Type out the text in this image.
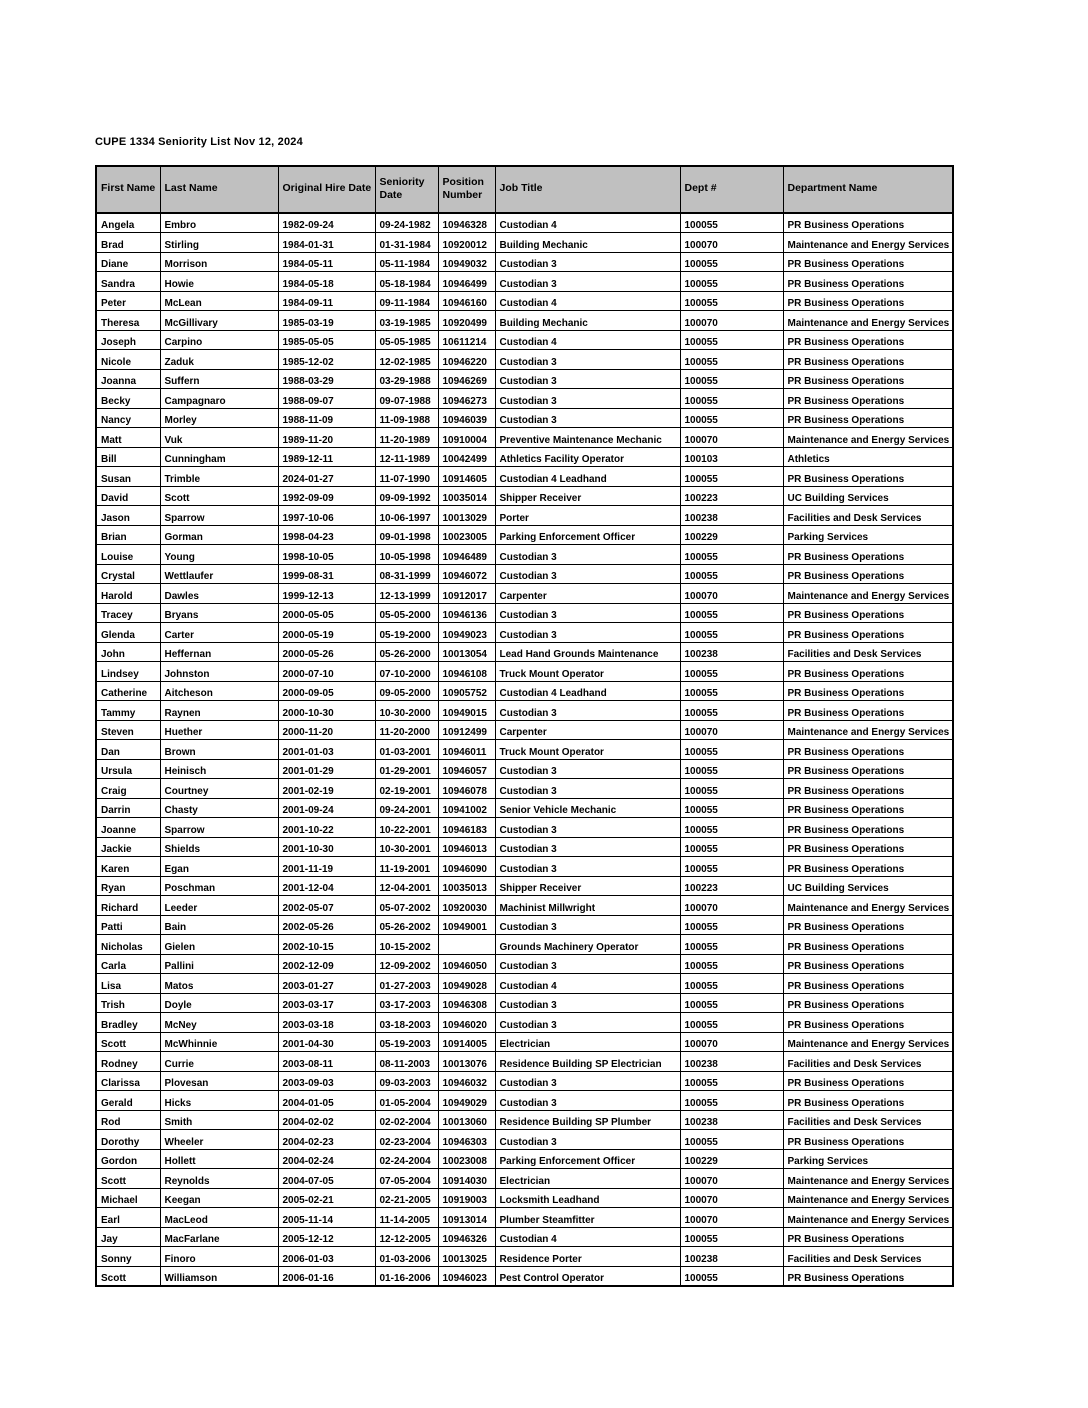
CUPE 1334 Seniority List Nov 12, 2024
First Name	Last Name	Original Hire Date	Seniority Date	Position Number	Job Title	Dept #	Department Name
Angela	Embro	1982-09-24	09-24-1982	10946328	Custodian 4	100055	PR Business Operations
Brad	Stirling	1984-01-31	01-31-1984	10920012	Building Mechanic	100070	Maintenance and Energy Services
Diane	Morrison	1984-05-11	05-11-1984	10949032	Custodian 3	100055	PR Business Operations
Sandra	Howie	1984-05-18	05-18-1984	10946499	Custodian 3	100055	PR Business Operations
Peter	McLean	1984-09-11	09-11-1984	10946160	Custodian 4	100055	PR Business Operations
Theresa	McGillivary	1985-03-19	03-19-1985	10920499	Building Mechanic	100070	Maintenance and Energy Services
Joseph	Carpino	1985-05-05	05-05-1985	10611214	Custodian 4	100055	PR Business Operations
Nicole	Zaduk	1985-12-02	12-02-1985	10946220	Custodian 3	100055	PR Business Operations
Joanna	Suffern	1988-03-29	03-29-1988	10946269	Custodian 3	100055	PR Business Operations
Becky	Campagnaro	1988-09-07	09-07-1988	10946273	Custodian 3	100055	PR Business Operations
Nancy	Morley	1988-11-09	11-09-1988	10946039	Custodian 3	100055	PR Business Operations
Matt	Vuk	1989-11-20	11-20-1989	10910004	Preventive Maintenance Mechanic	100070	Maintenance and Energy Services
Bill	Cunningham	1989-12-11	12-11-1989	10042499	Athletics Facility Operator	100103	Athletics
Susan	Trimble	2024-01-27	11-07-1990	10914605	Custodian 4 Leadhand	100055	PR Business Operations
David	Scott	1992-09-09	09-09-1992	10035014	Shipper Receiver	100223	UC Building Services
Jason	Sparrow	1997-10-06	10-06-1997	10013029	Porter	100238	Facilities and Desk Services
Brian	Gorman	1998-04-23	09-01-1998	10023005	Parking Enforcement Officer	100229	Parking Services
Louise	Young	1998-10-05	10-05-1998	10946489	Custodian 3	100055	PR Business Operations
Crystal	Wettlaufer	1999-08-31	08-31-1999	10946072	Custodian 3	100055	PR Business Operations
Harold	Dawles	1999-12-13	12-13-1999	10912017	Carpenter	100070	Maintenance and Energy Services
Tracey	Bryans	2000-05-05	05-05-2000	10946136	Custodian 3	100055	PR Business Operations
Glenda	Carter	2000-05-19	05-19-2000	10949023	Custodian 3	100055	PR Business Operations
John	Heffernan	2000-05-26	05-26-2000	10013054	Lead Hand Grounds Maintenance	100238	Facilities and Desk Services
Lindsey	Johnston	2000-07-10	07-10-2000	10946108	Truck Mount Operator	100055	PR Business Operations
Catherine	Aitcheson	2000-09-05	09-05-2000	10905752	Custodian 4 Leadhand	100055	PR Business Operations
Tammy	Raynen	2000-10-30	10-30-2000	10949015	Custodian 3	100055	PR Business Operations
Steven	Huether	2000-11-20	11-20-2000	10912499	Carpenter	100070	Maintenance and Energy Services
Dan	Brown	2001-01-03	01-03-2001	10946011	Truck Mount Operator	100055	PR Business Operations
Ursula	Heinisch	2001-01-29	01-29-2001	10946057	Custodian 3	100055	PR Business Operations
Craig	Courtney	2001-02-19	02-19-2001	10946078	Custodian 3	100055	PR Business Operations
Darrin	Chasty	2001-09-24	09-24-2001	10941002	Senior Vehicle Mechanic	100055	PR Business Operations
Joanne	Sparrow	2001-10-22	10-22-2001	10946183	Custodian 3	100055	PR Business Operations
Jackie	Shields	2001-10-30	10-30-2001	10946013	Custodian 3	100055	PR Business Operations
Karen	Egan	2001-11-19	11-19-2001	10946090	Custodian 3	100055	PR Business Operations
Ryan	Poschman	2001-12-04	12-04-2001	10035013	Shipper Receiver	100223	UC Building Services
Richard	Leeder	2002-05-07	05-07-2002	10920030	Machinist Millwright	100070	Maintenance and Energy Services
Patti	Bain	2002-05-26	05-26-2002	10949001	Custodian 3	100055	PR Business Operations
Nicholas	Gielen	2002-10-15	10-15-2002		Grounds Machinery Operator	100055	PR Business Operations
Carla	Pallini	2002-12-09	12-09-2002	10946050	Custodian 3	100055	PR Business Operations
Lisa	Matos	2003-01-27	01-27-2003	10949028	Custodian 4	100055	PR Business Operations
Trish	Doyle	2003-03-17	03-17-2003	10946308	Custodian 3	100055	PR Business Operations
Bradley	McNey	2003-03-18	03-18-2003	10946020	Custodian 3	100055	PR Business Operations
Scott	McWhinnie	2001-04-30	05-19-2003	10914005	Electrician	100070	Maintenance and Energy Services
Rodney	Currie	2003-08-11	08-11-2003	10013076	Residence Building SP Electrician	100238	Facilities and Desk Services
Clarissa	Plovesan	2003-09-03	09-03-2003	10946032	Custodian 3	100055	PR Business Operations
Gerald	Hicks	2004-01-05	01-05-2004	10949029	Custodian 3	100055	PR Business Operations
Rod	Smith	2004-02-02	02-02-2004	10013060	Residence Building SP Plumber	100238	Facilities and Desk Services
Dorothy	Wheeler	2004-02-23	02-23-2004	10946303	Custodian 3	100055	PR Business Operations
Gordon	Hollett	2004-02-24	02-24-2004	10023008	Parking Enforcement Officer	100229	Parking Services
Scott	Reynolds	2004-07-05	07-05-2004	10914030	Electrician	100070	Maintenance and Energy Services
Michael	Keegan	2005-02-21	02-21-2005	10919003	Locksmith Leadhand	100070	Maintenance and Energy Services
Earl	MacLeod	2005-11-14	11-14-2005	10913014	Plumber Steamfitter	100070	Maintenance and Energy Services
Jay	MacFarlane	2005-12-12	12-12-2005	10946326	Custodian 4	100055	PR Business Operations
Sonny	Finoro	2006-01-03	01-03-2006	10013025	Residence Porter	100238	Facilities and Desk Services
Scott	Williamson	2006-01-16	01-16-2006	10946023	Pest Control Operator	100055	PR Business Operations
